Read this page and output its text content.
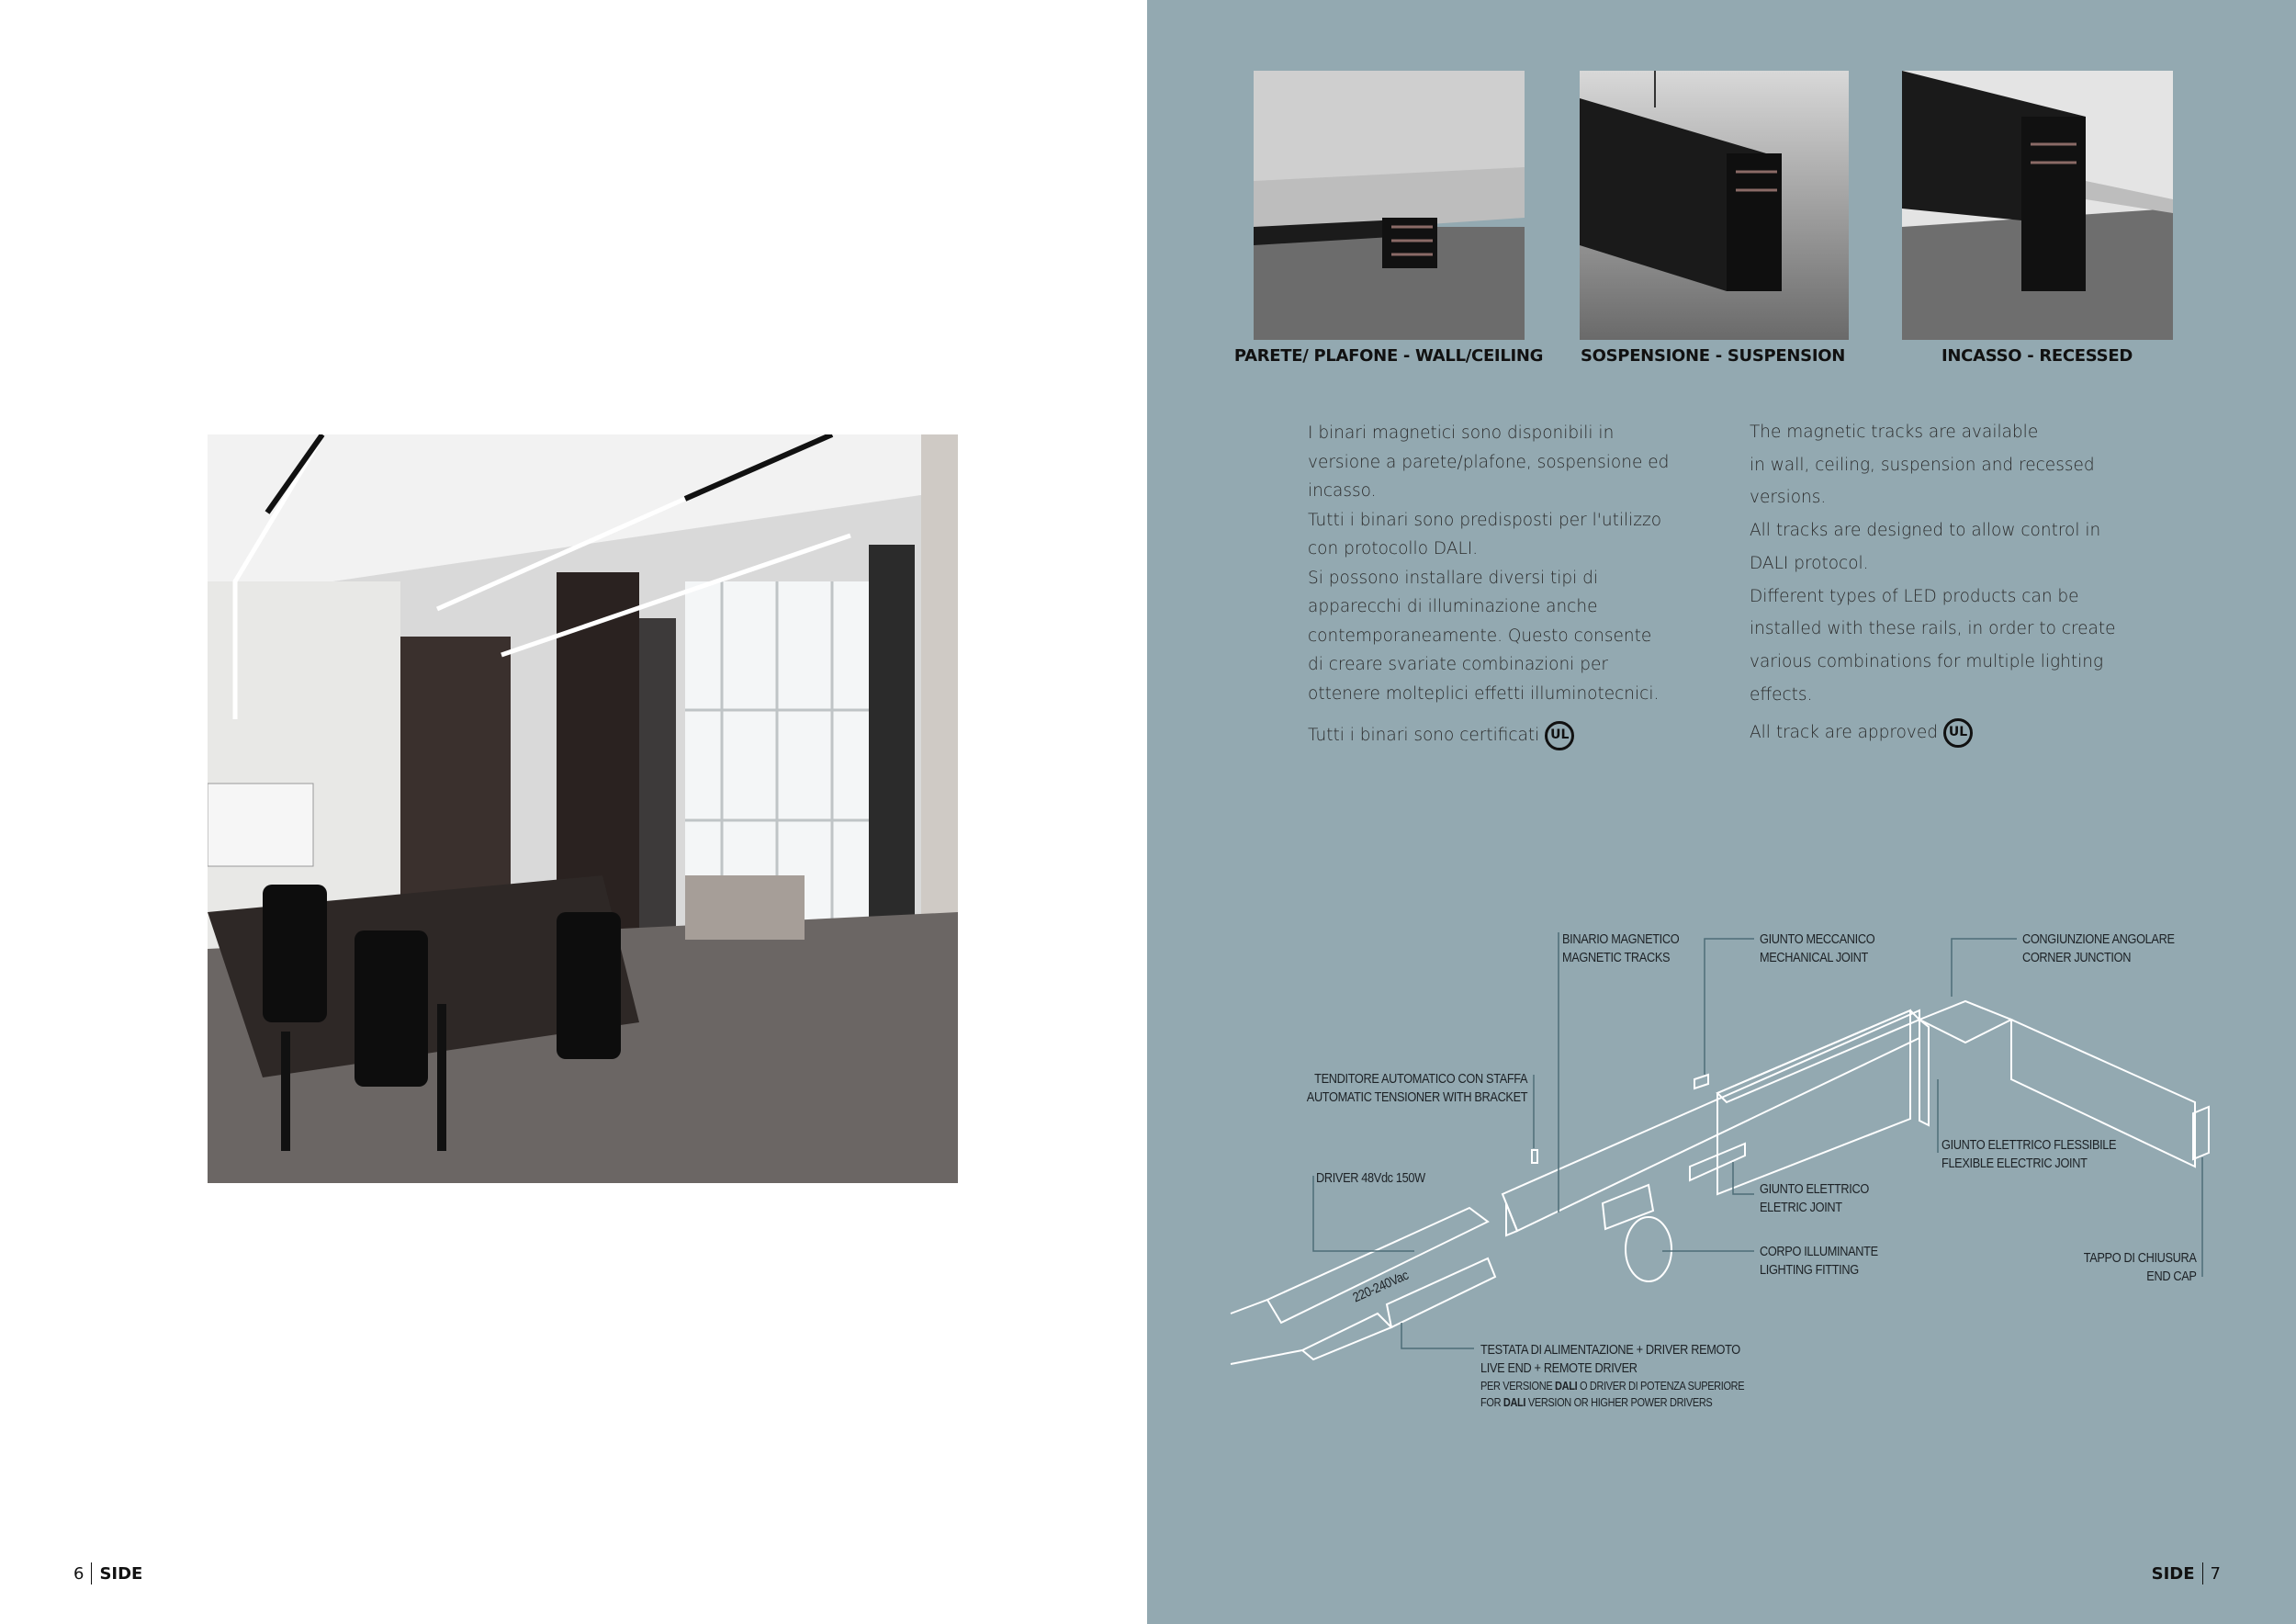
6 SIDE
PARETE/ PLAFONE - WALL/CEILING	SOSPENSIONE - SUSPENSION	INCASSO - RECESSED

I binari magnetici sono disponibili in

versione a parete/plafone, sospensione ed

incasso.

Tutti i binari sono predisposti per l'utilizzo

con protocollo DALI.

Si possono installare diversi tipi di

apparecchi di illuminazione anche

contemporaneamente. Questo consente

di creare svariate combinazioni per

ottenere molteplici effetti illuminotecnici.

Tutti i binari sono certificati UL

The magnetic tracks are available

in wall, ceiling, suspension and recessed

versions.

All tracks are designed to allow control in

DALI protocol.

Different types of LED products can be

installed with these rails, in order to create

various combinations for multiple lighting

effects.

All track are approved UL

BINARIO MAGNETICO
MAGNETIC TRACKS
GIUNTO MECCANICO
MECHANICAL JOINT
CONGIUNZIONE ANGOLARE
CORNER JUNCTION
TENDITORE AUTOMATICO CON STAFFA
AUTOMATIC TENSIONER WITH BRACKET
DRIVER 48Vdc 150W
GIUNTO ELETTRICO
ELETRIC JOINT
GIUNTO ELETTRICO FLESSIBILE
FLEXIBLE ELECTRIC JOINT
CORPO ILLUMINANTE
LIGHTING FITTING
TAPPO DI CHIUSURA
END CAP
220-240Vac
TESTATA DI ALIMENTAZIONE + DRIVER REMOTO
LIVE END + REMOTE DRIVER
PER VERSIONE DALI O DRIVER DI POTENZA SUPERIORE
FOR DALI VERSION OR HIGHER POWER DRIVERS
SIDE 7
